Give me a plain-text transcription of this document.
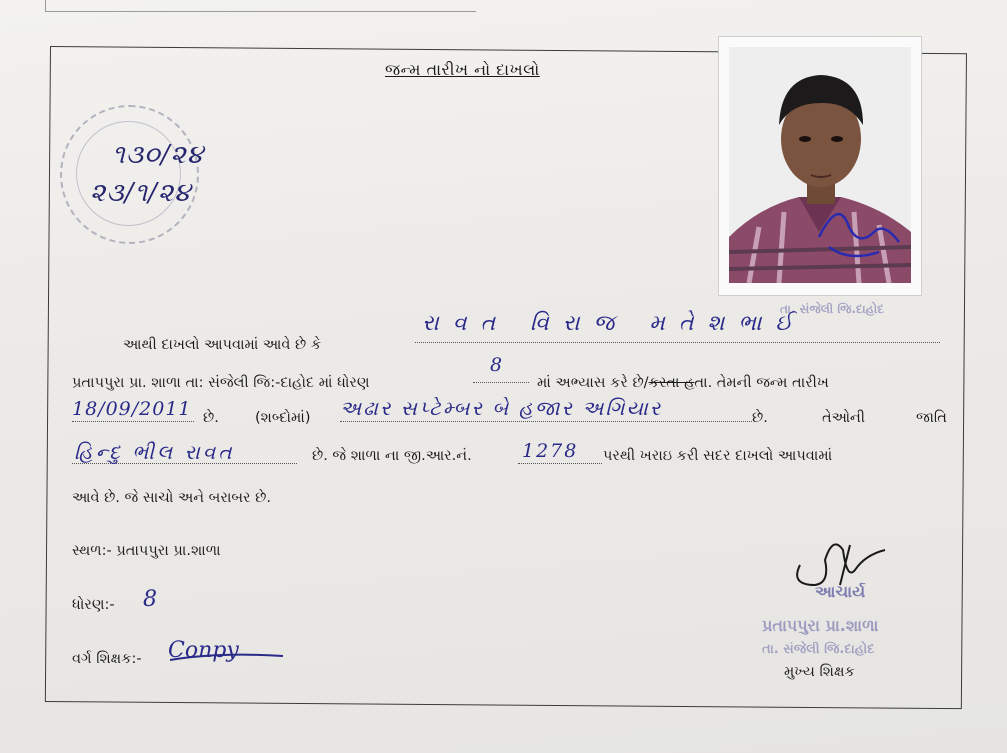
જન્મ તારીખ નો દાખલો
૧૩૦/૨૪
૨૩/૧/૨૪
તા. સંજેલી જિ.દાહોદ
આથી દાખલો આપવામાં આવે છે કે
રાવત વિરાજ મતેશભાઈ
પ્રતાપપુરા પ્રા. શાળા તા: સંજેલી જિ:-દાહોદ માં ધોરણ
8
માં અભ્યાસ કરે છે/કરતા હતા. તેમની જન્મ તારીખ
18/09/2011 છે. (શબ્દોમાં) અઢાર સપ્ટેમ્બર બે હજાર અગિયાર	છે.	તેઓની	જાતિ
હિન્દુ ભીલ રાવત	છે. જે શાળા ના જી.આર.નં.	1278 પરથી ખરાઇ કરી સદર દાખલો આપવામાં
આવે છે. જે સાચો અને બરાબર છે.
સ્થળ:- પ્રતાપપુરા પ્રા.શાળા
ધોરણ:- 8
વર્ગ શિક્ષક:- Conpy
આચાર્ય
પ્રતાપપુરા પ્રા.શાળા
તા. સંજેલી જિ.દાહોદ
મુખ્ય શિક્ષક
